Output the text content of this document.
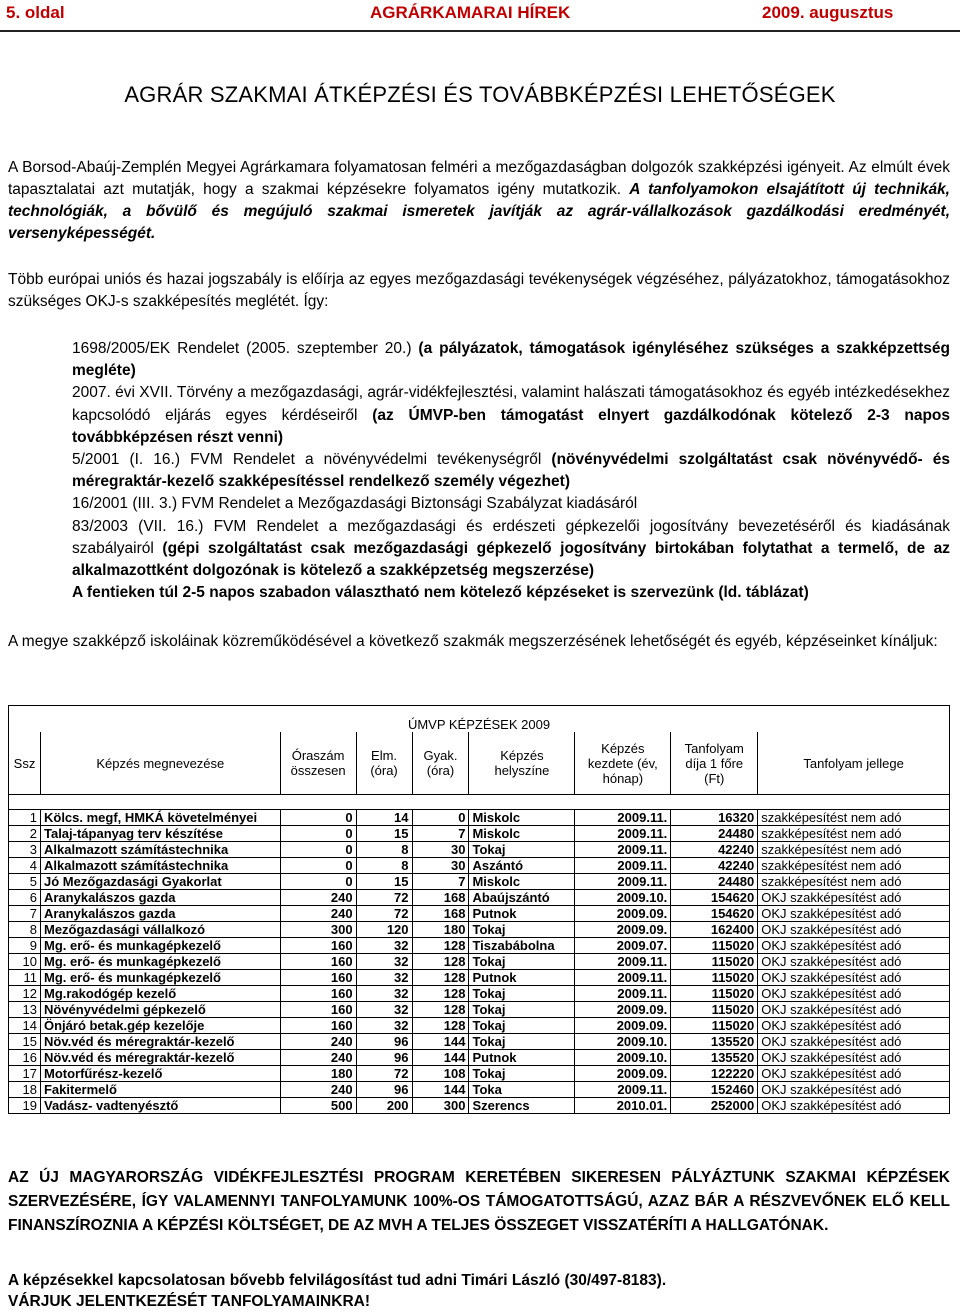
5. oldal	AGRÁRKAMARAI HÍREK	2009. augusztus
AGRÁR SZAKMAI ÁTKÉPZÉSI ÉS TOVÁBBKÉPZÉSI LEHETŐSÉGEK
A Borsod-Abaúj-Zemplén Megyei Agrárkamara folyamatosan felméri a mezőgazdaságban dolgozók szakképzési igényeit. Az elmúlt évek tapasztalatai azt mutatják, hogy a szakmai képzésekre folyamatos igény mutatkozik. A tanfolyamokon elsajátított új technikák, technológiák, a bővülő és megújuló szakmai ismeretek javítják az agrár-vállalkozások gazdálkodási eredményét, versenyképességét.
Több európai uniós és hazai jogszabály is előírja az egyes mezőgazdasági tevékenységek végzéséhez, pályázatokhoz, támogatásokhoz szükséges OKJ-s szakképesítés meglétét. Így:

1698/2005/EK Rendelet (2005. szeptember 20.) (a pályázatok, támogatások igényléséhez szükséges a szakképzettség megléte)

2007. évi XVII. Törvény a mezőgazdasági, agrár-vidékfejlesztési, valamint halászati támogatásokhoz és egyéb intézkedésekhez kapcsolódó eljárás egyes kérdéseiről (az ÚMVP-ben támogatást elnyert gazdálkodónak kötelező 2-3 napos továbbképzésen részt venni)

5/2001 (I. 16.) FVM Rendelet a növényvédelmi tevékenységről (növényvédelmi szolgáltatást csak növényvédő- és méregraktár-kezelő szakképesítéssel rendelkező személy végezhet)

16/2001 (III. 3.) FVM Rendelet a Mezőgazdasági Biztonsági Szabályzat kiadásáról

83/2003 (VII. 16.) FVM Rendelet a mezőgazdasági és erdészeti gépkezelői jogosítvány bevezetéséről és kiadásának szabályairól (gépi szolgáltatást csak mezőgazdasági gépkezelő jogosítvány birtokában folytathat a termelő, de az alkalmazottként dolgozónak is kötelező a szakképzetség megszerzése)

A fentieken túl 2-5 napos szabadon választható nem kötelező képzéseket is szervezünk (ld. táblázat)

A megye szakképző iskoláinak közreműködésével a következő szakmák megszerzésének lehetőségét és egyéb, képzéseinket kínáljuk:
ÚMVP KÉPZÉSEK 2009								
Ssz	Képzés megnevezése	Óraszám összesen	Elm. (óra)	Gyak. (óra)	Képzés helyszíne	Képzés kezdete (év, hónap)	Tanfolyam díja 1 főre (Ft)	Tanfolyam jellege

1	Kölcs. megf, HMKÁ követelményei	0	14	0	Miskolc	2009.11.	16320	szakképesítést nem adó
2	Talaj-tápanyag terv készítése	0	15	7	Miskolc	2009.11.	24480	szakképesítést nem adó
3	Alkalmazott számítástechnika	0	8	30	Tokaj	2009.11.	42240	szakképesítést nem adó
4	Alkalmazott számítástechnika	0	8	30	Aszántó	2009.11.	42240	szakképesítést nem adó
5	Jó Mezőgazdasági Gyakorlat	0	15	7	Miskolc	2009.11.	24480	szakképesítést nem adó
6	Aranykalászos gazda	240	72	168	Abaújszántó	2009.10.	154620	OKJ szakképesítést adó
7	Aranykalászos gazda	240	72	168	Putnok	2009.09.	154620	OKJ szakképesítést adó
8	Mezőgazdasági vállalkozó	300	120	180	Tokaj	2009.09.	162400	OKJ szakképesítést adó
9	Mg. erő- és munkagépkezelő	160	32	128	Tiszabábolna	2009.07.	115020	OKJ szakképesítést adó
10	Mg. erő- és munkagépkezelő	160	32	128	Tokaj	2009.11.	115020	OKJ szakképesítést adó
11	Mg. erő- és munkagépkezelő	160	32	128	Putnok	2009.11.	115020	OKJ szakképesítést adó
12	Mg.rakodógép kezelő	160	32	128	Tokaj	2009.11.	115020	OKJ szakképesítést adó
13	Növényvédelmi gépkezelő	160	32	128	Tokaj	2009.09.	115020	OKJ szakképesítést adó
14	Önjáró betak.gép kezelője	160	32	128	Tokaj	2009.09.	115020	OKJ szakképesítést adó
15	Növ.véd és méregraktár-kezelő	240	96	144	Tokaj	2009.10.	135520	OKJ szakképesítést adó
16	Növ.véd és méregraktár-kezelő	240	96	144	Putnok	2009.10.	135520	OKJ szakképesítést adó
17	Motorfűrész-kezelő	180	72	108	Tokaj	2009.09.	122220	OKJ szakképesítést adó
18	Fakitermelő	240	96	144	Toka	2009.11.	152460	OKJ szakképesítést adó
19	Vadász- vadtenyésztő	500	200	300	Szerencs	2010.01.	252000	OKJ szakképesítést adó
AZ ÚJ MAGYARORSZÁG VIDÉKFEJLESZTÉSI PROGRAM KERETÉBEN SIKERESEN PÁLYÁZTUNK SZAKMAI KÉPZÉSEK SZERVEZÉSÉRE, ÍGY VALAMENNYI TANFOLYAMUNK 100%-OS TÁMOGATOTTSÁGÚ, AZAZ BÁR A RÉSZVEVŐNEK ELŐ KELL FINANSZÍROZNIA A KÉPZÉSI KÖLTSÉGET, DE AZ MVH A TELJES ÖSSZEGET VISSZATÉRÍTI A HALLGATÓNAK.
A képzésekkel kapcsolatosan bővebb felvilágosítást tud adni Timári László (30/497-8183).
VÁRJUK JELENTKEZÉSÉT TANFOLYAMAINKRA!
